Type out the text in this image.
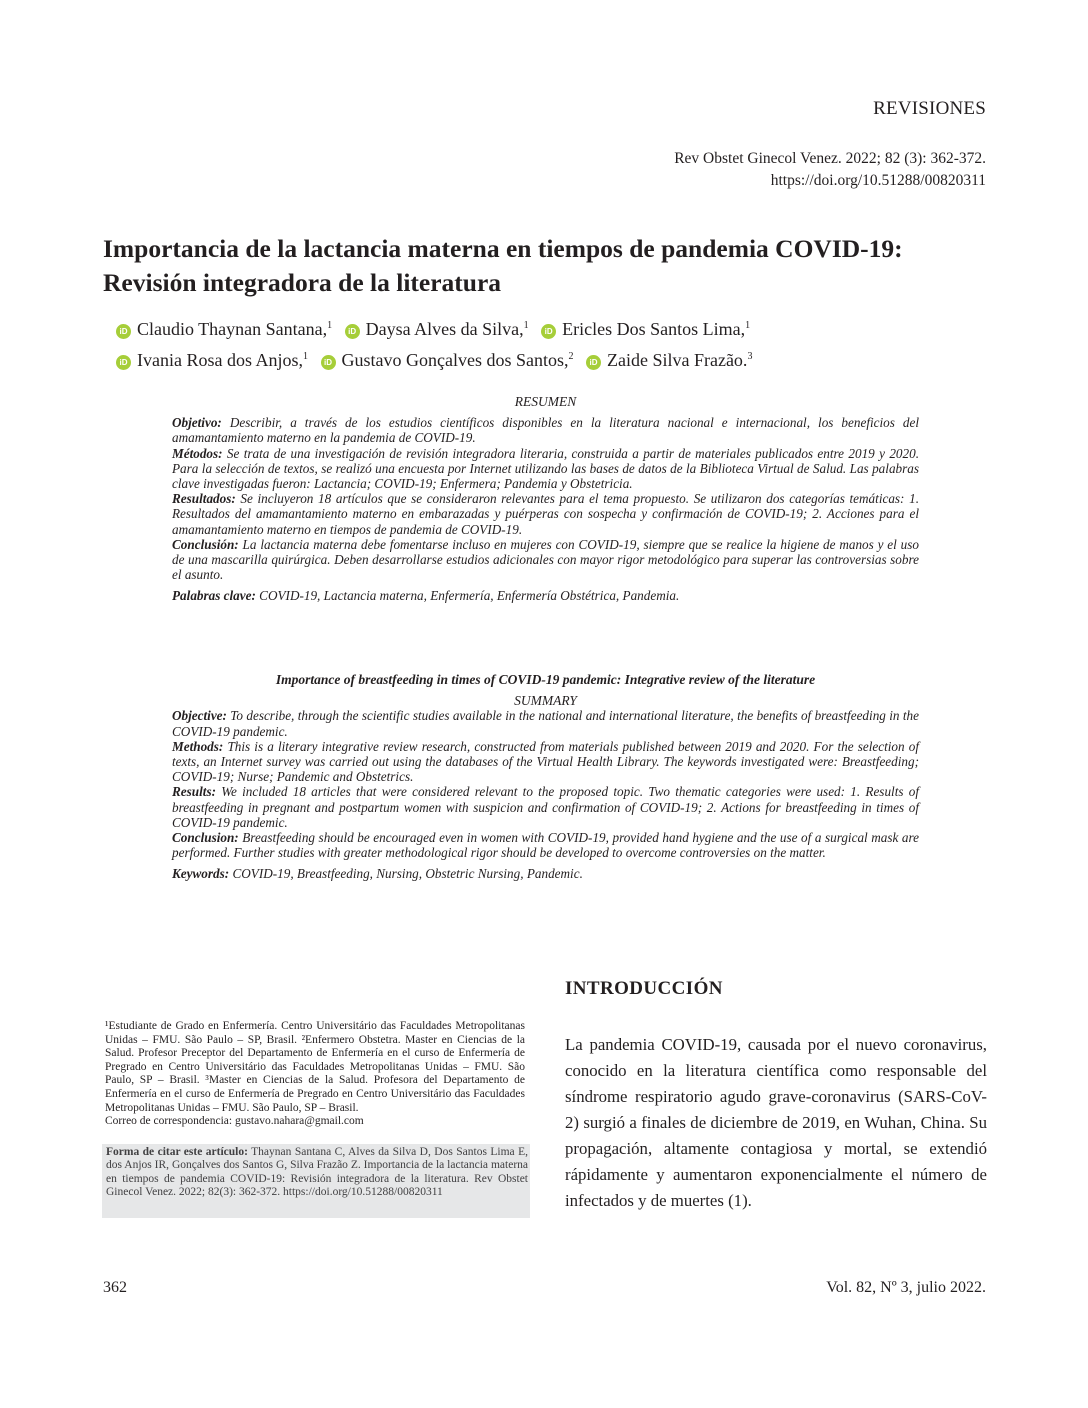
REVISIONES
Rev Obstet Ginecol Venez. 2022; 82 (3): 362-372.
https://doi.org/10.51288/00820311
Importancia de la lactancia materna en tiempos de pandemia COVID-19: Revisión integradora de la literatura
iD Claudio Thaynan Santana,$^1$ iD Daysa Alves da Silva,$^1$ iD Ericles Dos Santos Lima,$^1$
iD Ivania Rosa dos Anjos,$^1$ iD Gustavo Gonçalves dos Santos,$^2$ iD Zaide Silva Frazão.$^3$

RESUMEN

Objetivo: Describir, a través de los estudios científicos disponibles en la literatura nacional e internacional, los beneficios del amamantamiento materno en la pandemia de COVID-19.

Métodos: Se trata de una investigación de revisión integradora literaria, construida a partir de materiales publicados entre 2019 y 2020. Para la selección de textos, se realizó una encuesta por Internet utilizando las bases de datos de la Biblioteca Virtual de Salud. Las palabras clave investigadas fueron: Lactancia; COVID-19; Enfermera; Pandemia y Obstetricia.

Resultados: Se incluyeron 18 artículos que se consideraron relevantes para el tema propuesto. Se utilizaron dos categorías temáticas: 1. Resultados del amamantamiento materno en embarazadas y puérperas con sospecha y confirmación de COVID-19; 2. Acciones para el amamantamiento materno en tiempos de pandemia de COVID-19.

Conclusión: La lactancia materna debe fomentarse incluso en mujeres con COVID-19, siempre que se realice la higiene de manos y el uso de una mascarilla quirúrgica. Deben desarrollarse estudios adicionales con mayor rigor metodológico para superar las controversias sobre el asunto.

Palabras clave: COVID-19, Lactancia materna, Enfermería, Enfermería Obstétrica, Pandemia.

Importance of breastfeeding in times of COVID-19 pandemic: Integrative review of the literature

SUMMARY

Objective: To describe, through the scientific studies available in the national and international literature, the benefits of breastfeeding in the COVID-19 pandemic.

Methods: This is a literary integrative review research, constructed from materials published between 2019 and 2020. For the selection of texts, an Internet survey was carried out using the databases of the Virtual Health Library. The keywords investigated were: Breastfeeding; COVID-19; Nurse; Pandemic and Obstetrics.

Results: We included 18 articles that were considered relevant to the proposed topic. Two thematic categories were used: 1. Results of breastfeeding in pregnant and postpartum women with suspicion and confirmation of COVID-19; 2. Actions for breastfeeding in times of COVID-19 pandemic.

Conclusion: Breastfeeding should be encouraged even in women with COVID-19, provided hand hygiene and the use of a surgical mask are performed. Further studies with greater methodological rigor should be developed to overcome controversies on the matter.

Keywords: COVID-19, Breastfeeding, Nursing, Obstetric Nursing, Pandemic.

¹Estudiante de Grado en Enfermería. Centro Universitário das Faculdades Metropolitanas Unidas – FMU. São Paulo – SP, Brasil. ²Enfermero Obstetra. Master en Ciencias de la Salud. Profesor Preceptor del Departamento de Enfermería en el curso de Enfermería de Pregrado en Centro Universitário das Faculdades Metropolitanas Unidas – FMU. São Paulo, SP – Brasil. ³Master en Ciencias de la Salud. Profesora del Departamento de Enfermería en el curso de Enfermería de Pregrado en Centro Universitário das Faculdades Metropolitanas Unidas – FMU. São Paulo, SP – Brasil.

Correo de correspondencia: gustavo.nahara@gmail.com

Forma de citar este artículo: Thaynan Santana C, Alves da Silva D, Dos Santos Lima E, dos Anjos IR, Gonçalves dos Santos G, Silva Frazão Z. Importancia de la lactancia materna en tiempos de pandemia COVID-19: Revisión integradora de la literatura. Rev Obstet Ginecol Venez. 2022; 82(3): 362-372. https://doi.org/10.51288/00820311
INTRODUCCIÓN
La pandemia COVID-19, causada por el nuevo coronavirus, conocido en la literatura científica como responsable del síndrome respiratorio agudo grave-coronavirus (SARS-CoV-2) surgió a finales de diciembre de 2019, en Wuhan, China. Su propagación, altamente contagiosa y mortal, se extendió rápidamente y aumentaron exponencialmente el número de infectados y de muertes (1).
362	Vol. 82, Nº 3, julio 2022.
